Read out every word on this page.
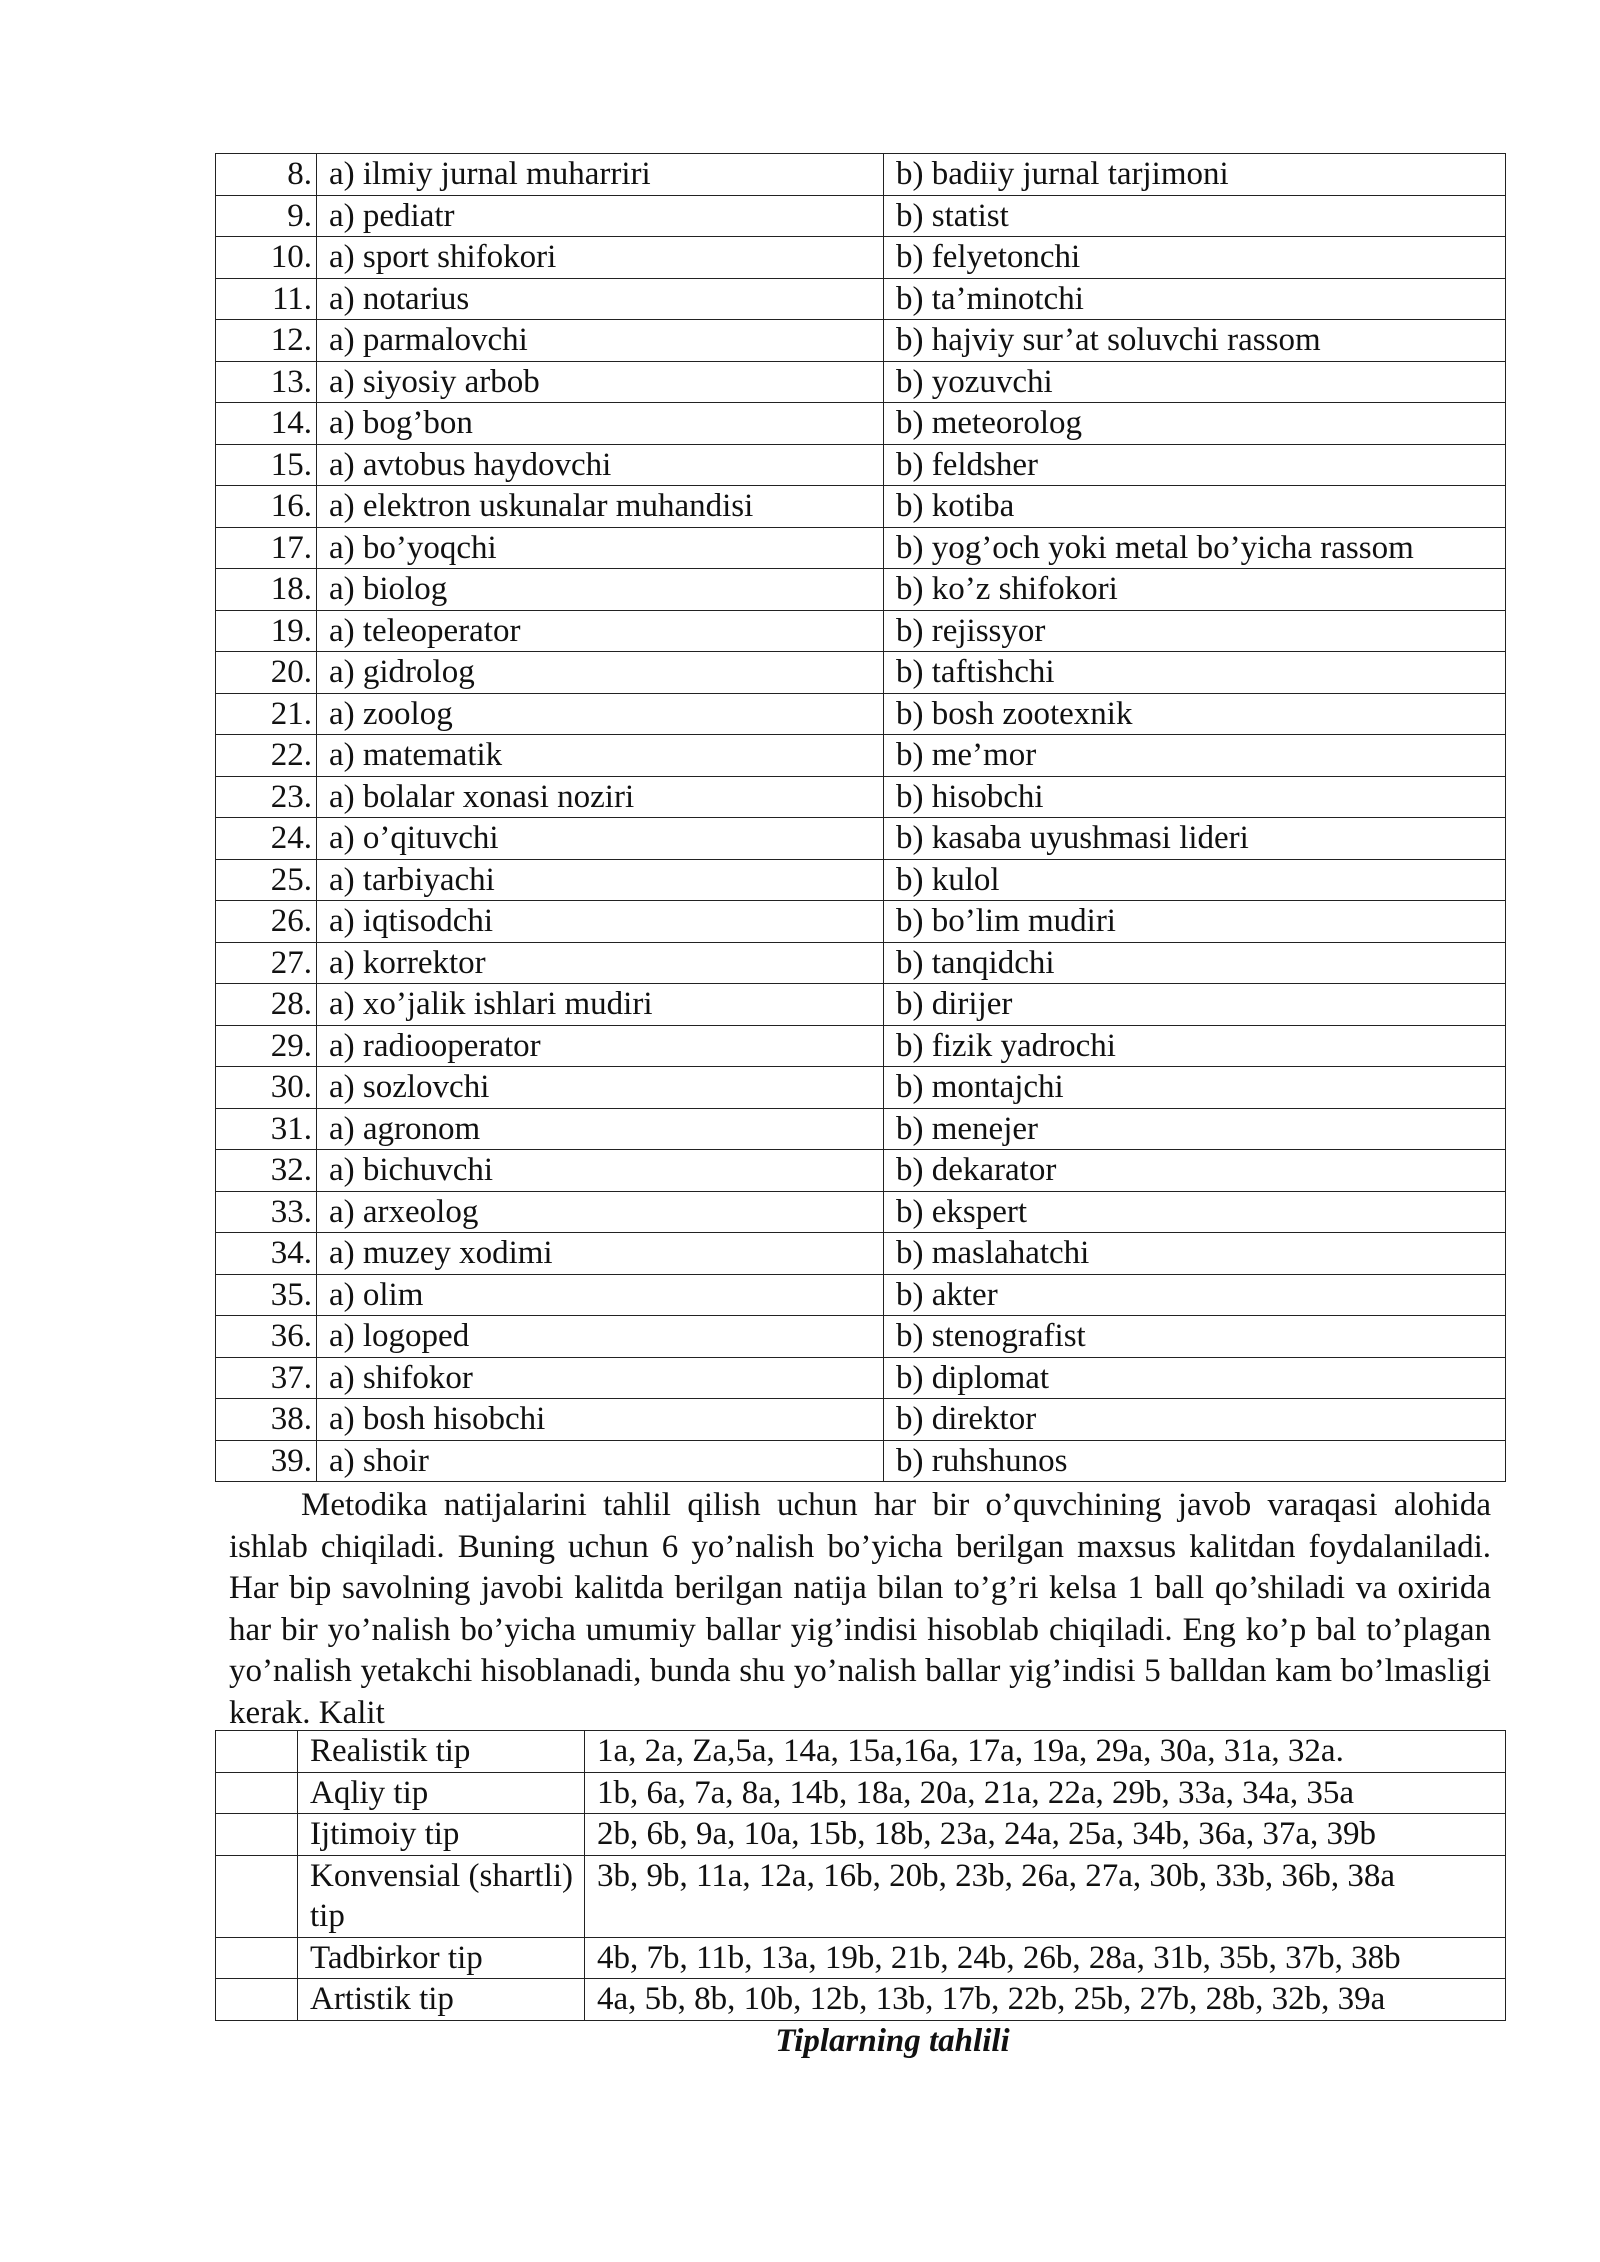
8.	a) ilmiy jurnal muharriri	b) badiiy jurnal tarjimoni
9.	a) pediatr	b) statist
10.	a) sport shifokori	b) felyetonchi
11.	a) notarius	b) ta’minotchi
12.	a) parmalovchi	b) hajviy sur’at soluvchi rassom
13.	a) siyosiy arbob	b) yozuvchi
14.	a) bog’bon	b) meteorolog
15.	a) avtobus haydovchi	b) feldsher
16.	a) elektron uskunalar muhandisi	b) kotiba
17.	a) bo’yoqchi	b) yog’och yoki metal bo’yicha rassom
18.	a) biolog	b) ko’z shifokori
19.	a) teleoperator	b) rejissyor
20.	a) gidrolog	b) taftishchi
21.	a) zoolog	b) bosh zootexnik
22.	a) matematik	b) me’mor
23.	a) bolalar xonasi noziri	b) hisobchi
24.	a) o’qituvchi	b) kasaba uyushmasi lideri
25.	a) tarbiyachi	b) kulol
26.	a) iqtisodchi	b) bo’lim mudiri
27.	a) korrektor	b) tanqidchi
28.	a) xo’jalik ishlari mudiri	b) dirijer
29.	a) radiooperator	b) fizik yadrochi
30.	a) sozlovchi	b) montajchi
31.	a) agronom	b) menejer
32.	a) bichuvchi	b) dekarator
33.	a) arxeolog	b) ekspert
34.	a) muzey xodimi	b) maslahatchi
35.	a) olim	b) akter
36.	a) logoped	b) stenografist
37.	a) shifokor	b) diplomat
38.	a) bosh hisobchi	b) direktor
39.	a) shoir	b) ruhshunos

Metodika natijalarini tahlil qilish uchun har bir o’quvchining javob varaqasi alohida ishlab chiqiladi. Buning uchun 6 yo’nalish bo’yicha berilgan maxsus kalitdan foydalaniladi. Har bip savolning javobi kalitda berilgan natija bilan to’g’ri kelsa 1 ball qo’shiladi va oxirida har bir yo’nalish bo’yicha umumiy ballar yig’indisi hisoblab chiqiladi. Eng ko’p bal to’plagan yo’nalish yetakchi hisoblanadi, bunda shu yo’nalish ballar yig’indisi 5 balldan kam bo’lmasligi kerak. Kalit

	Realistik tip	1a, 2a, Za,5a, 14a, 15a,16a, 17a, 19a, 29a, 30a, 31a, 32a.
	Aqliy tip	1b, 6a, 7a, 8a, 14b, 18a, 20a, 21a, 22a, 29b, 33a, 34a, 35a
	Ijtimoiy tip	2b, 6b, 9a, 10a, 15b, 18b, 23a, 24a, 25a, 34b, 36a, 37a, 39b
	Konvensial (shartli) tip	3b, 9b, 11a, 12a, 16b, 20b, 23b, 26a, 27a, 30b, 33b, 36b, 38a
	Tadbirkor tip	4b, 7b, 11b, 13a, 19b, 21b, 24b, 26b, 28a, 31b, 35b, 37b, 38b
	Artistik tip	4a, 5b, 8b, 10b, 12b, 13b, 17b, 22b, 25b, 27b, 28b, 32b, 39a

Tiplarning tahlili
